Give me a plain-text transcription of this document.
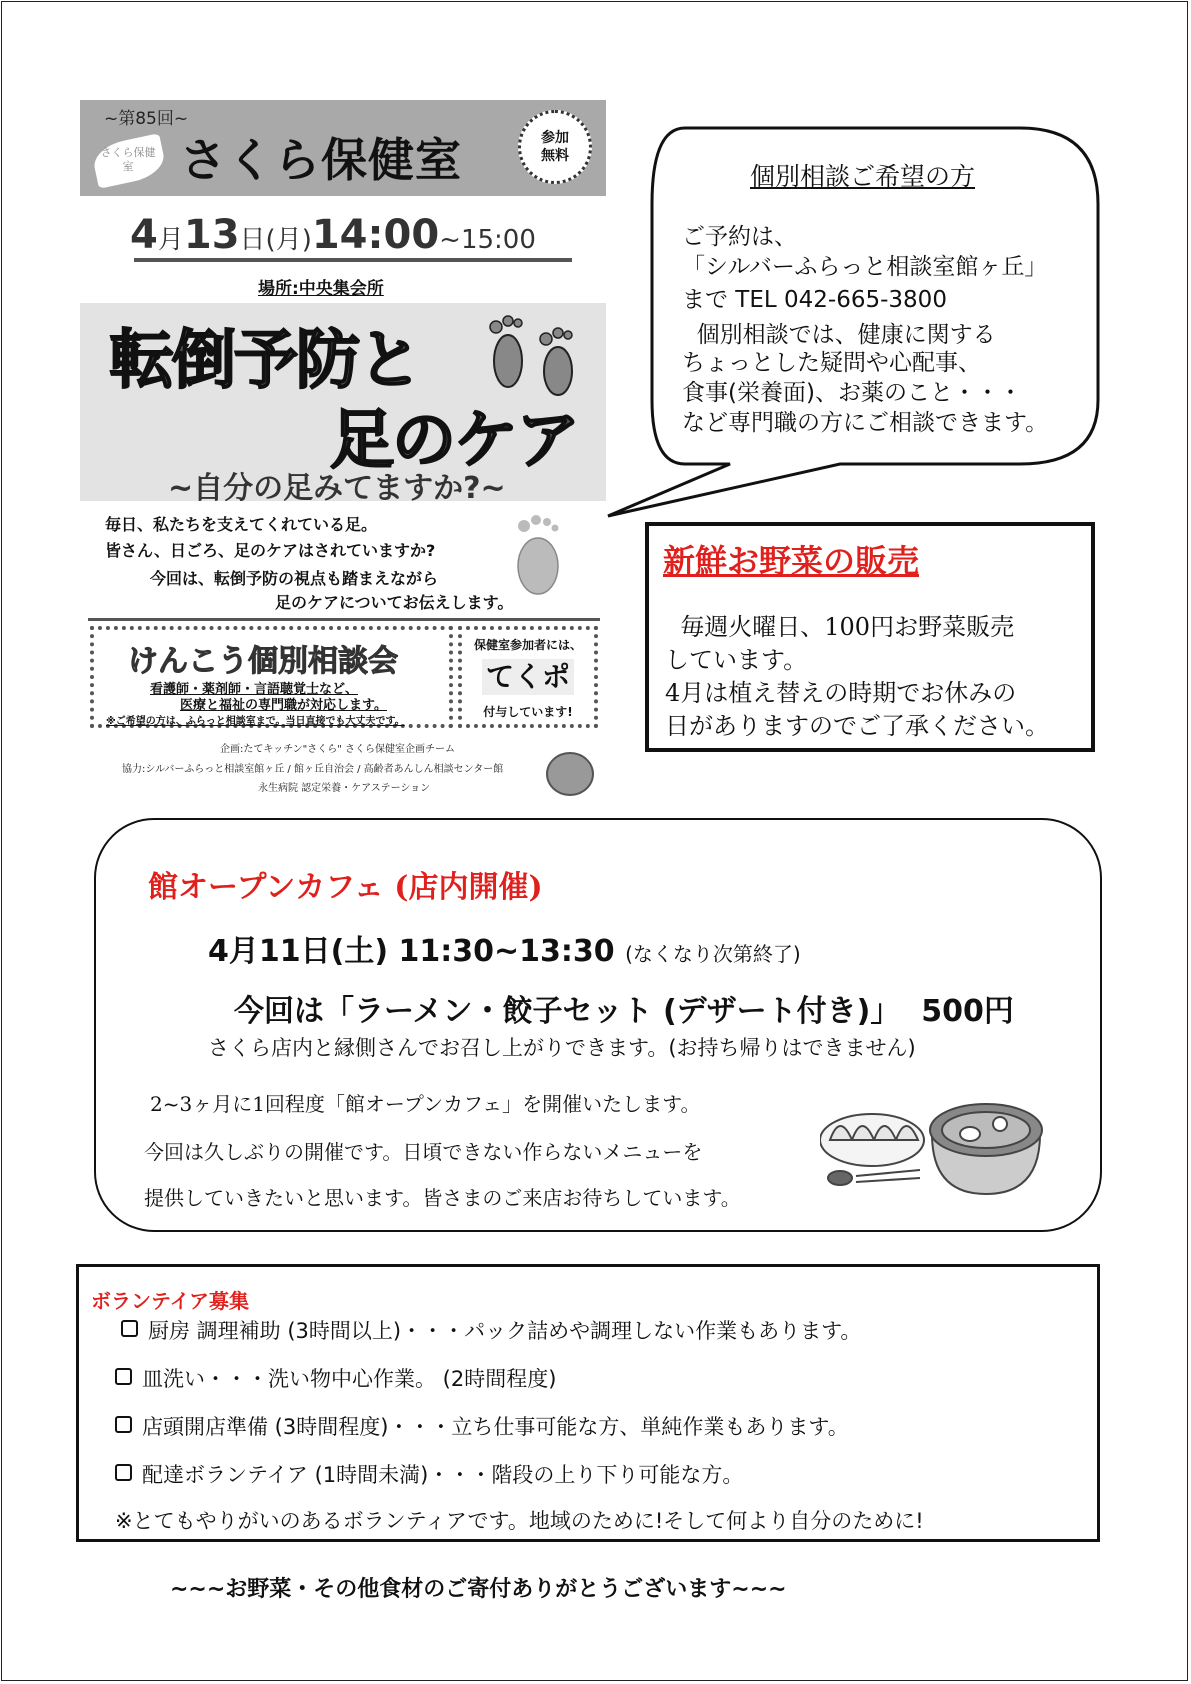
~第85回~
さくら保健室	さくら保健室	参加
無料
4月13日(月)14:00~15:00
場所:中央集会所
転倒予防と
足のケア
~自分の足みてますか?~
毎日、私たちを支えてくれている足。
皆さん、日ごろ、足のケアはされていますか?
今回は、転倒予防の視点も踏まえながら
足のケアについてお伝えします。
けんこう個別相談会
看護師・薬剤師・言語聴覚士など、
医療と福祉の専門職が対応します。
※ご希望の方は、ふらっと相談室まで。当日直接でも大丈夫です。
保健室参加者には、
てくポ
付与しています!
企画:たてキッチン"さくら" さくら保健室企画チーム
協力:シルバーふらっと相談室館ヶ丘 / 館ヶ丘自治会 / 高齢者あんしん相談センター館
永生病院 認定栄養・ケアステーション
個別相談ご希望の方
ご予約は、
「シルバーふらっと相談室館ヶ丘」
まで TEL 042-665-3800
個別相談では、健康に関する
ちょっとした疑問や心配事、
食事(栄養面)、お薬のこと・・・
など専門職の方にご相談できます。
新鮮お野菜の販売
毎週火曜日、100円お野菜販売
しています。
4月は植え替えの時期でお休みの
日がありますのでご了承ください。
館オープンカフェ (店内開催)
4月11日(土) 11:30~13:30 (なくなり次第終了)
今回は「ラーメン・餃子セット (デザート付き)」  500円
さくら店内と縁側さんでお召し上がりできます。(お持ち帰りはできません)
2~3ヶ月に1回程度「館オープンカフェ」を開催いたします。
今回は久しぶりの開催です。日頃できない作らないメニューを
提供していきたいと思います。皆さまのご来店お待ちしています。
ボランテイア募集
厨房 調理補助 (3時間以上)・・・パック詰めや調理しない作業もあります。
皿洗い・・・洗い物中心作業。 (2時間程度)
店頭開店準備 (3時間程度)・・・立ち仕事可能な方、単純作業もあります。
配達ボランテイア (1時間未満)・・・階段の上り下り可能な方。
※とてもやりがいのあるボランティアです。地域のために!そして何より自分のために!
~~~お野菜・その他食材のご寄付ありがとうございます~~~
